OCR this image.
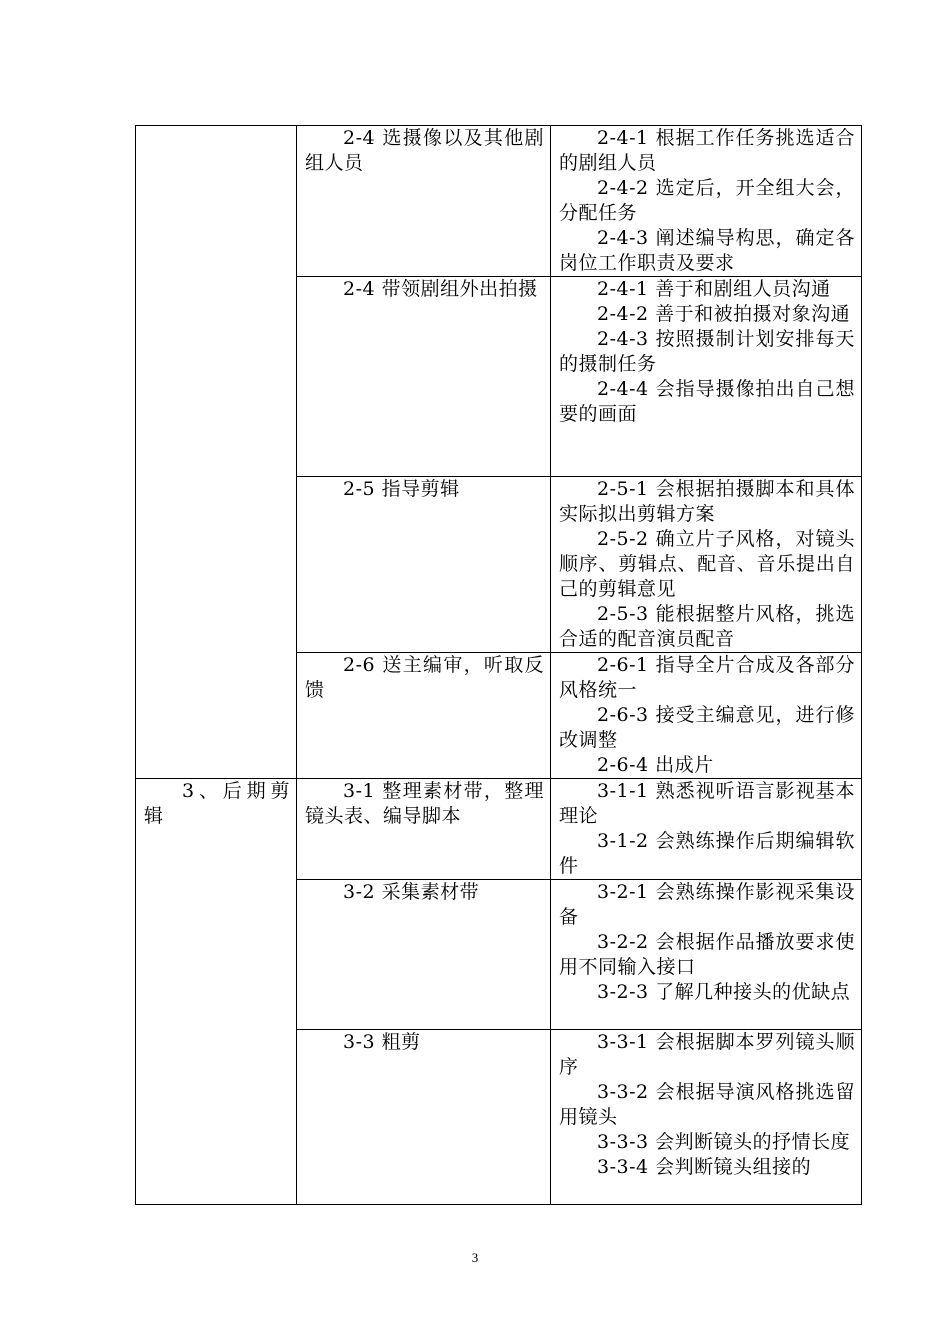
	2-4 选摄像以及其他剧组人员	2-4-1 根据工作任务挑选适合的剧组人员
2-4-2 选定后，开全组大会，分配任务
2-4-3 阐述编导构思，确定各岗位工作职责及要求

	2-4 带领剧组外出拍摄	2-4-1 善于和剧组人员沟通
2-4-2 善于和被拍摄对象沟通
2-4-3 按照摄制计划安排每天的摄制任务
2-4-4 会指导摄像拍出自己想要的画面

	2-5 指导剪辑	2-5-1 会根据拍摄脚本和具体实际拟出剪辑方案
2-5-2 确立片子风格，对镜头顺序、剪辑点、配音、音乐提出自己的剪辑意见
2-5-3 能根据整片风格，挑选合适的配音演员配音

	2-6 送主编审，听取反馈	2-6-1 指导全片合成及各部分风格统一
2-6-3 接受主编意见，进行修改调整
2-6-4 出成片

3、后期剪辑	3-1 整理素材带，整理镜头表、编导脚本	3-1-1 熟悉视听语言影视基本理论
3-1-2 会熟练操作后期编辑软件

	3-2 采集素材带	3-2-1 会熟练操作影视采集设备
3-2-2 会根据作品播放要求使用不同输入接口
3-2-3 了解几种接头的优缺点

	3-3 粗剪	3-3-1 会根据脚本罗列镜头顺序
3-3-2 会根据导演风格挑选留用镜头
3-3-3 会判断镜头的抒情长度
3-3-4 会判断镜头组接的
3
